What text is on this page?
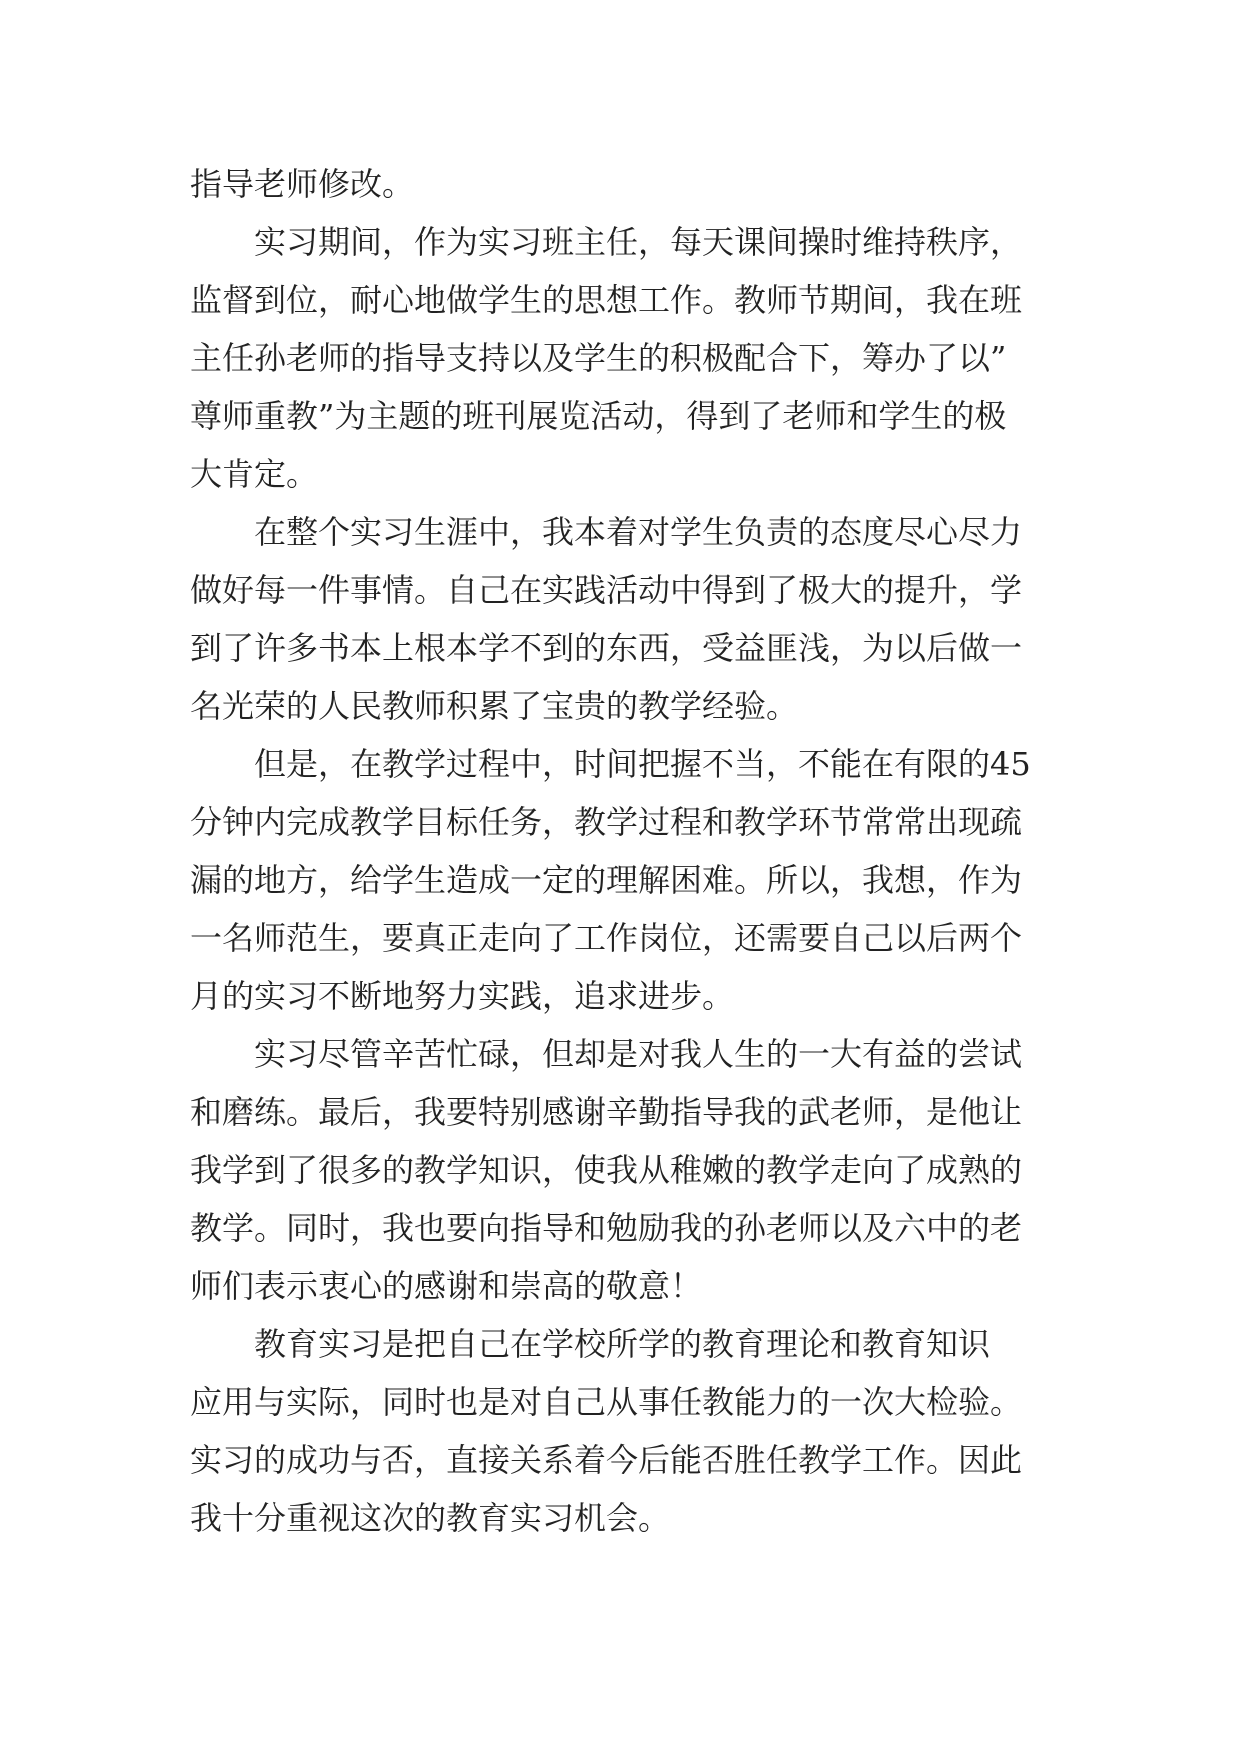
指导老师修改。
实习期间，作为实习班主任，每天课间操时维持秩序，
监督到位，耐心地做学生的思想工作。教师节期间，我在班
主任孙老师的指导支持以及学生的积极配合下，筹办了以”
尊师重教”为主题的班刊展览活动，得到了老师和学生的极
大肯定。
在整个实习生涯中，我本着对学生负责的态度尽心尽力
做好每一件事情。自己在实践活动中得到了极大的提升，学
到了许多书本上根本学不到的东西，受益匪浅，为以后做一
名光荣的人民教师积累了宝贵的教学经验。
但是，在教学过程中，时间把握不当，不能在有限的45
分钟内完成教学目标任务，教学过程和教学环节常常出现疏
漏的地方，给学生造成一定的理解困难。所以，我想，作为
一名师范生，要真正走向了工作岗位，还需要自己以后两个
月的实习不断地努力实践，追求进步。
实习尽管辛苦忙碌，但却是对我人生的一大有益的尝试
和磨练。最后，我要特别感谢辛勤指导我的武老师，是他让
我学到了很多的教学知识，使我从稚嫩的教学走向了成熟的
教学。同时，我也要向指导和勉励我的孙老师以及六中的老
师们表示衷心的感谢和崇高的敬意！
教育实习是把自己在学校所学的教育理论和教育知识
应用与实际，同时也是对自己从事任教能力的一次大检验。
实习的成功与否，直接关系着今后能否胜任教学工作。因此
我十分重视这次的教育实习机会。
